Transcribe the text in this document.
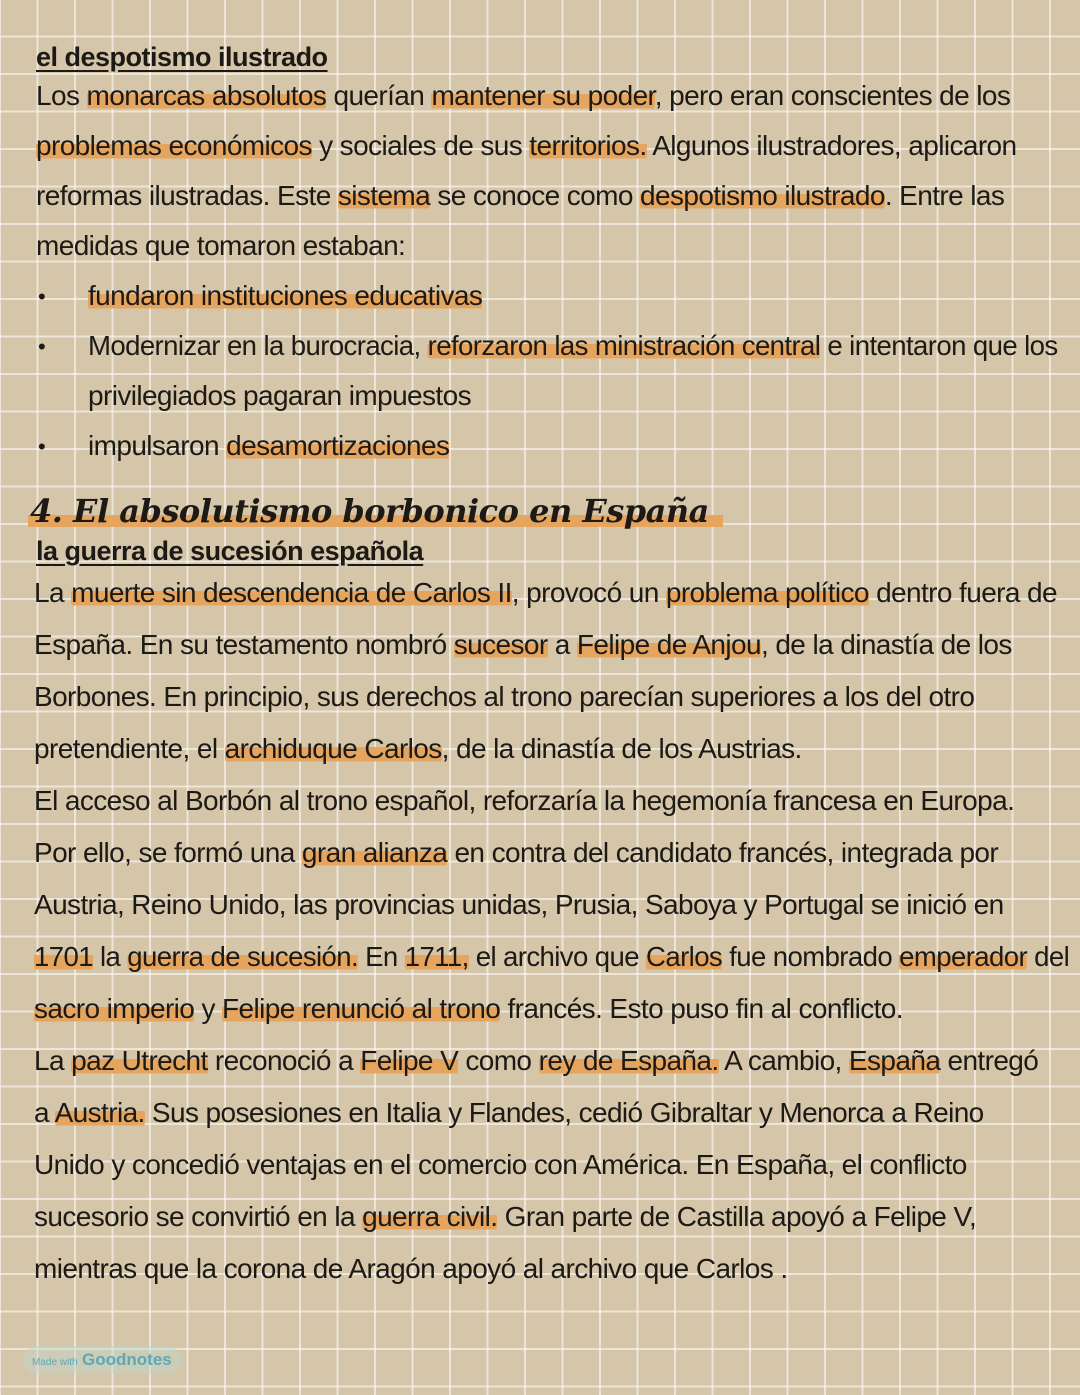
el despotismo ilustrado
4. El absolutismo borbonico en España
la guerra de sucesión española
Made with Goodnotes
Los monarcas absolutos querían mantener su poder, pero eran conscientes de los
problemas económicos y sociales de sus territorios. Algunos ilustradores, aplicaron
reformas ilustradas. Este sistema se conoce como despotismo ilustrado. Entre las
medidas que tomaron estaban:
• fundaron instituciones educativas
• Modernizar en la burocracia, reforzaron las ministración central e intentaron que los
privilegiados pagaran impuestos
• impulsaron desamortizaciones
La muerte sin descendencia de Carlos II, provocó un problema político dentro fuera de
España. En su testamento nombró sucesor a Felipe de Anjou, de la dinastía de los
Borbones. En principio, sus derechos al trono parecían superiores a los del otro
pretendiente, el archiduque Carlos, de la dinastía de los Austrias.
El acceso al Borbón al trono español, reforzaría la hegemonía francesa en Europa.
Por ello, se formó una gran alianza en contra del candidato francés, integrada por
Austria, Reino Unido, las provincias unidas, Prusia, Saboya y Portugal se inició en
1701 la guerra de sucesión. En 1711, el archivo que Carlos fue nombrado emperador del
sacro imperio y Felipe renunció al trono francés. Esto puso fin al conflicto.
La paz Utrecht reconoció a Felipe V como rey de España. A cambio, España entregó
a Austria. Sus posesiones en Italia y Flandes, cedió Gibraltar y Menorca a Reino
Unido y concedió ventajas en el comercio con América. En España, el conflicto
sucesorio se convirtió en la guerra civil. Gran parte de Castilla apoyó a Felipe V,
mientras que la corona de Aragón apoyó al archivo que Carlos .
